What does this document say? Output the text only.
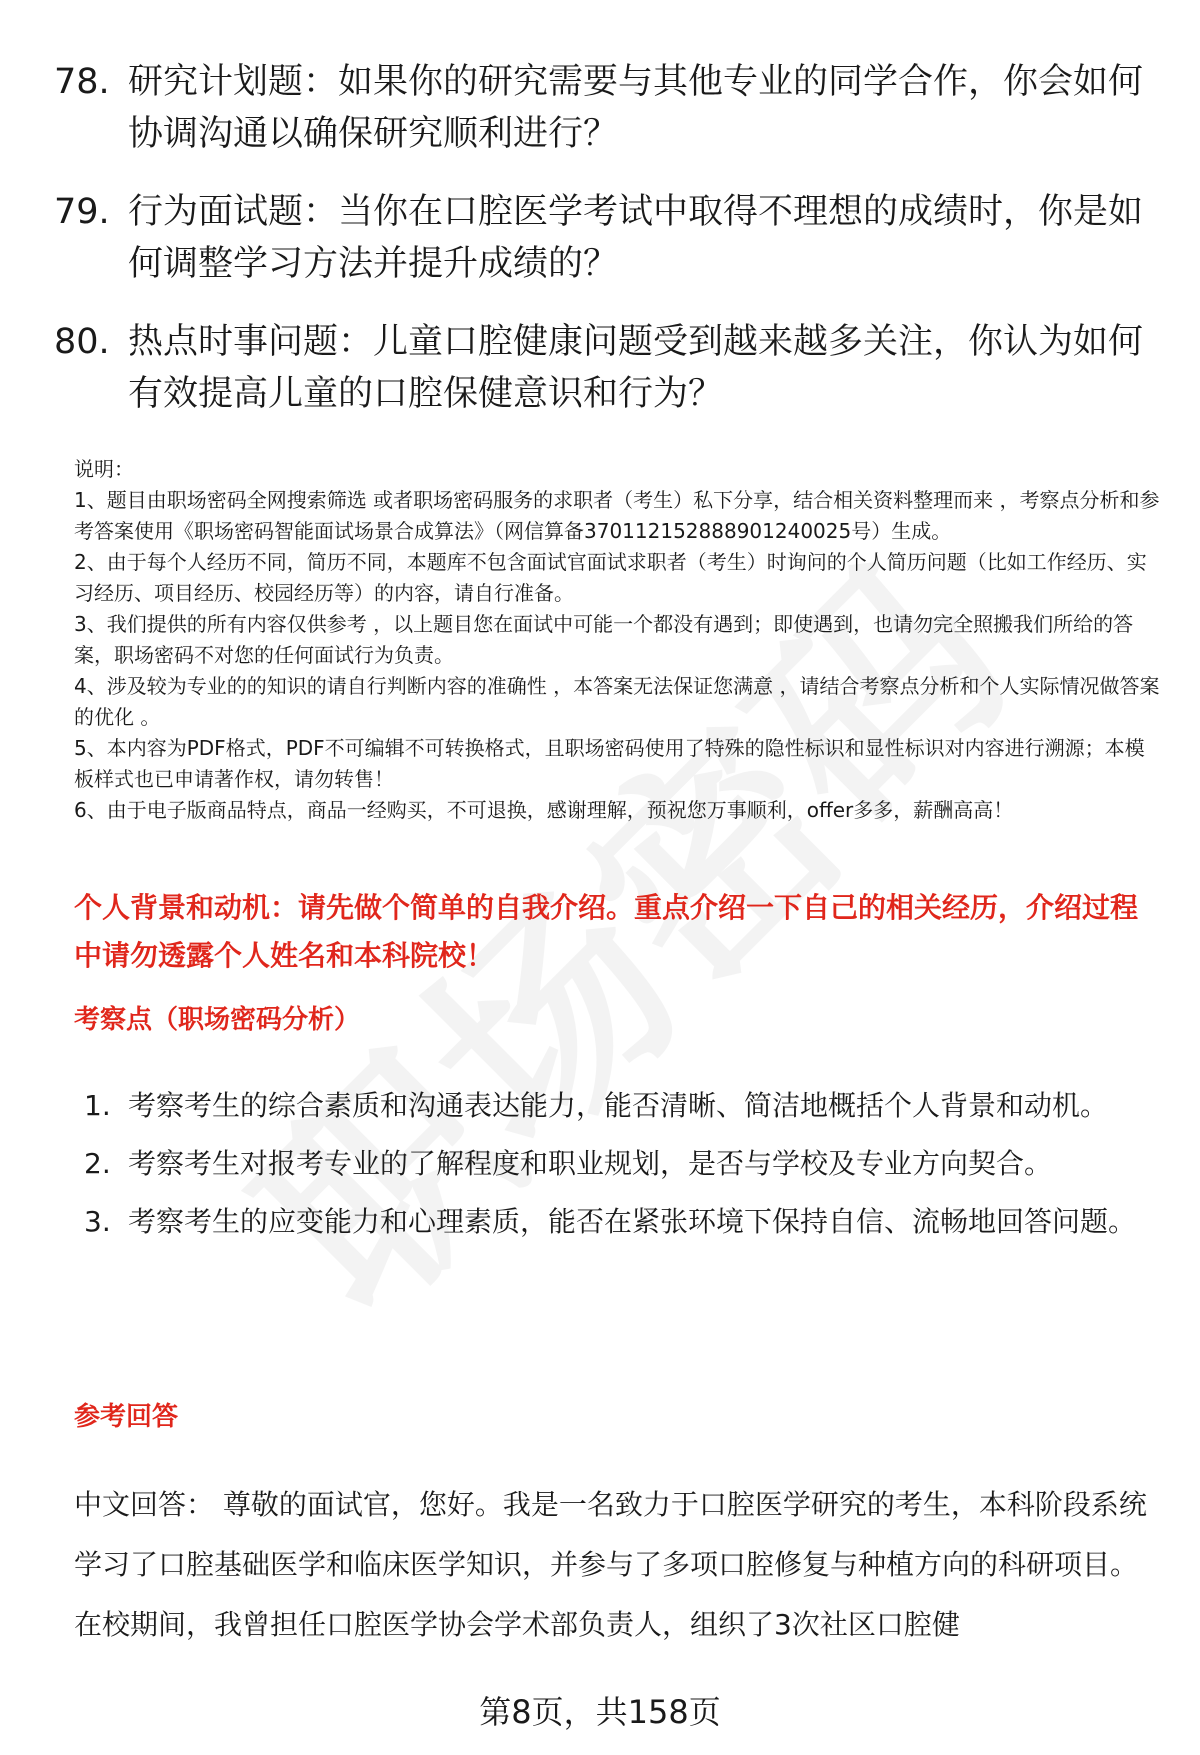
78. 研究计划题：如果你的研究需要与其他专业的同学合作，你会如何协调沟通以确保研究顺利进行？
79. 行为面试题：当你在口腔医学考试中取得不理想的成绩时，你是如何调整学习方法并提升成绩的？
80. 热点时事问题：儿童口腔健康问题受到越来越多关注，你认为如何有效提高儿童的口腔保健意识和行为？

说明：

1、题目由职场密码全网搜索筛选 或者职场密码服务的求职者（考生）私下分享，结合相关资料整理而来 ，考察点分析和参考答案使用《职场密码智能面试场景合成算法》（网信算备370112152888901240025号）生成。

2、由于每个人经历不同，简历不同，本题库不包含面试官面试求职者（考生）时询问的个人简历问题（比如工作经历、实习经历、项目经历、校园经历等）的内容，请自行准备。

3、我们提供的所有内容仅供参考 ，以上题目您在面试中可能一个都没有遇到；即使遇到，也请勿完全照搬我们所给的答案，职场密码不对您的任何面试行为负责。

4、涉及较为专业的的知识的请自行判断内容的准确性 ，本答案无法保证您满意 ，请结合考察点分析和个人实际情况做答案的优化 。

5、本内容为PDF格式，PDF不可编辑不可转换格式，且职场密码使用了特殊的隐性标识和显性标识对内容进行溯源；本模板样式也已申请著作权，请勿转售！

6、由于电子版商品特点，商品一经购买，不可退换，感谢理解，预祝您万事顺利，offer多多，薪酬高高！

个人背景和动机：请先做个简单的自我介绍。重点介绍一下自己的相关经历，介绍过程中请勿透露个人姓名和本科院校！
考察点（职场密码分析）
1. 考察考生的综合素质和沟通表达能力，能否清晰、简洁地概括个人背景和动机。
2. 考察考生对报考专业的了解程度和职业规划，是否与学校及专业方向契合。
3. 考察考生的应变能力和心理素质，能否在紧张环境下保持自信、流畅地回答问题。
参考回答

中文回答： 尊敬的面试官，您好。我是一名致力于口腔医学研究的考生，本科阶段系统学习了口腔基础医学和临床医学知识，并参与了多项口腔修复与种植方向的科研项目。在校期间，我曾担任口腔医学协会学术部负责人，组织了3次社区口腔健

第8页，共158页
